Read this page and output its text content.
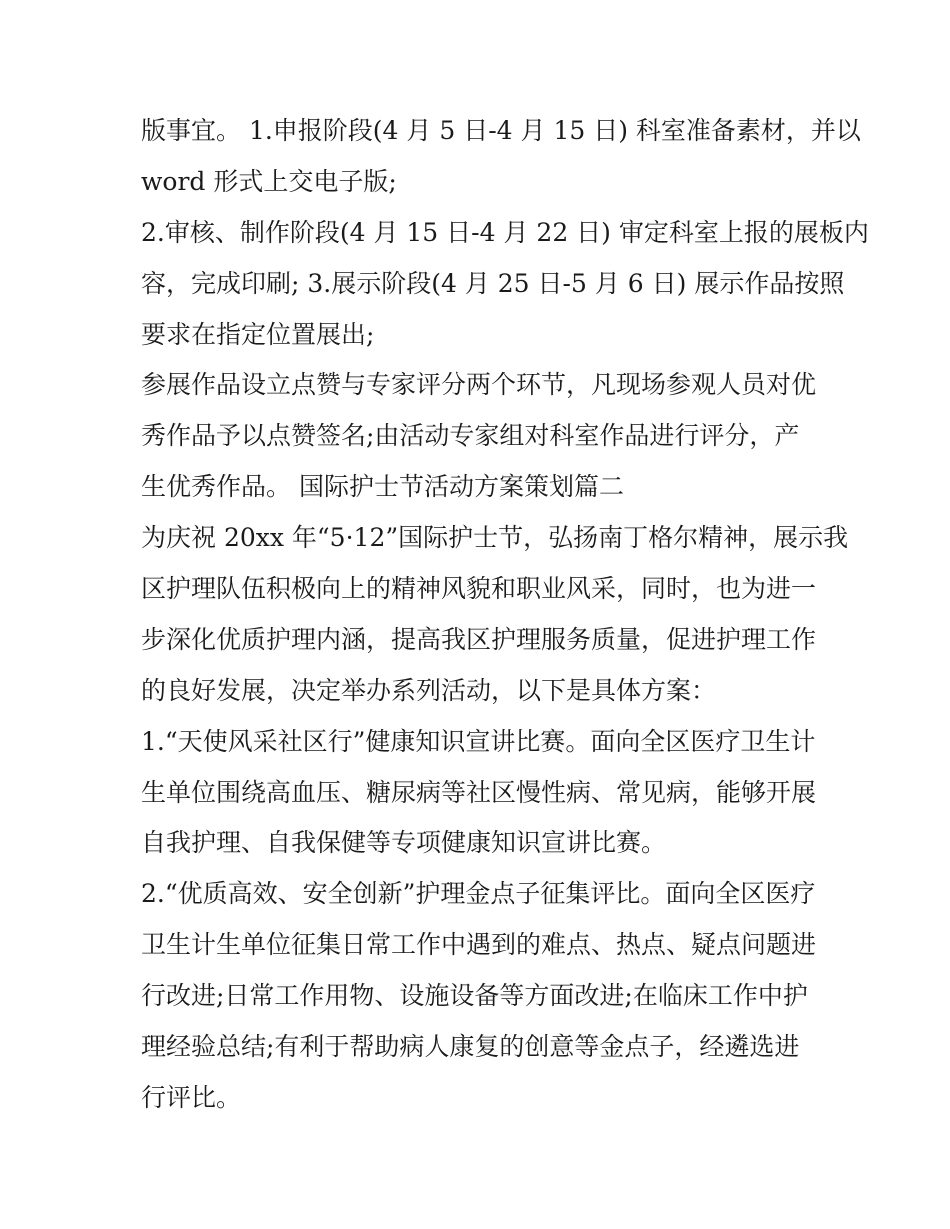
版事宜。 1.申报阶段(4 月 5 日-4 月 15 日) 科室准备素材，并以
word 形式上交电子版;
2.审核、制作阶段(4 月 15 日-4 月 22 日) 审定科室上报的展板内
容，完成印刷; 3.展示阶段(4 月 25 日-5 月 6 日) 展示作品按照
要求在指定位置展出;
参展作品设立点赞与专家评分两个环节，凡现场参观人员对优
秀作品予以点赞签名;由活动专家组对科室作品进行评分，产
生优秀作品。 国际护士节活动方案策划篇二
为庆祝 20xx 年“5·12”国际护士节，弘扬南丁格尔精神，展示我
区护理队伍积极向上的精神风貌和职业风采，同时，也为进一
步深化优质护理内涵，提高我区护理服务质量，促进护理工作
的良好发展，决定举办系列活动，以下是具体方案：
1.“天使风采社区行”健康知识宣讲比赛。面向全区医疗卫生计
生单位围绕高血压、糖尿病等社区慢性病、常见病，能够开展
自我护理、自我保健等专项健康知识宣讲比赛。
2.“优质高效、安全创新”护理金点子征集评比。面向全区医疗
卫生计生单位征集日常工作中遇到的难点、热点、疑点问题进
行改进;日常工作用物、设施设备等方面改进;在临床工作中护
理经验总结;有利于帮助病人康复的创意等金点子，经遴选进
行评比。
